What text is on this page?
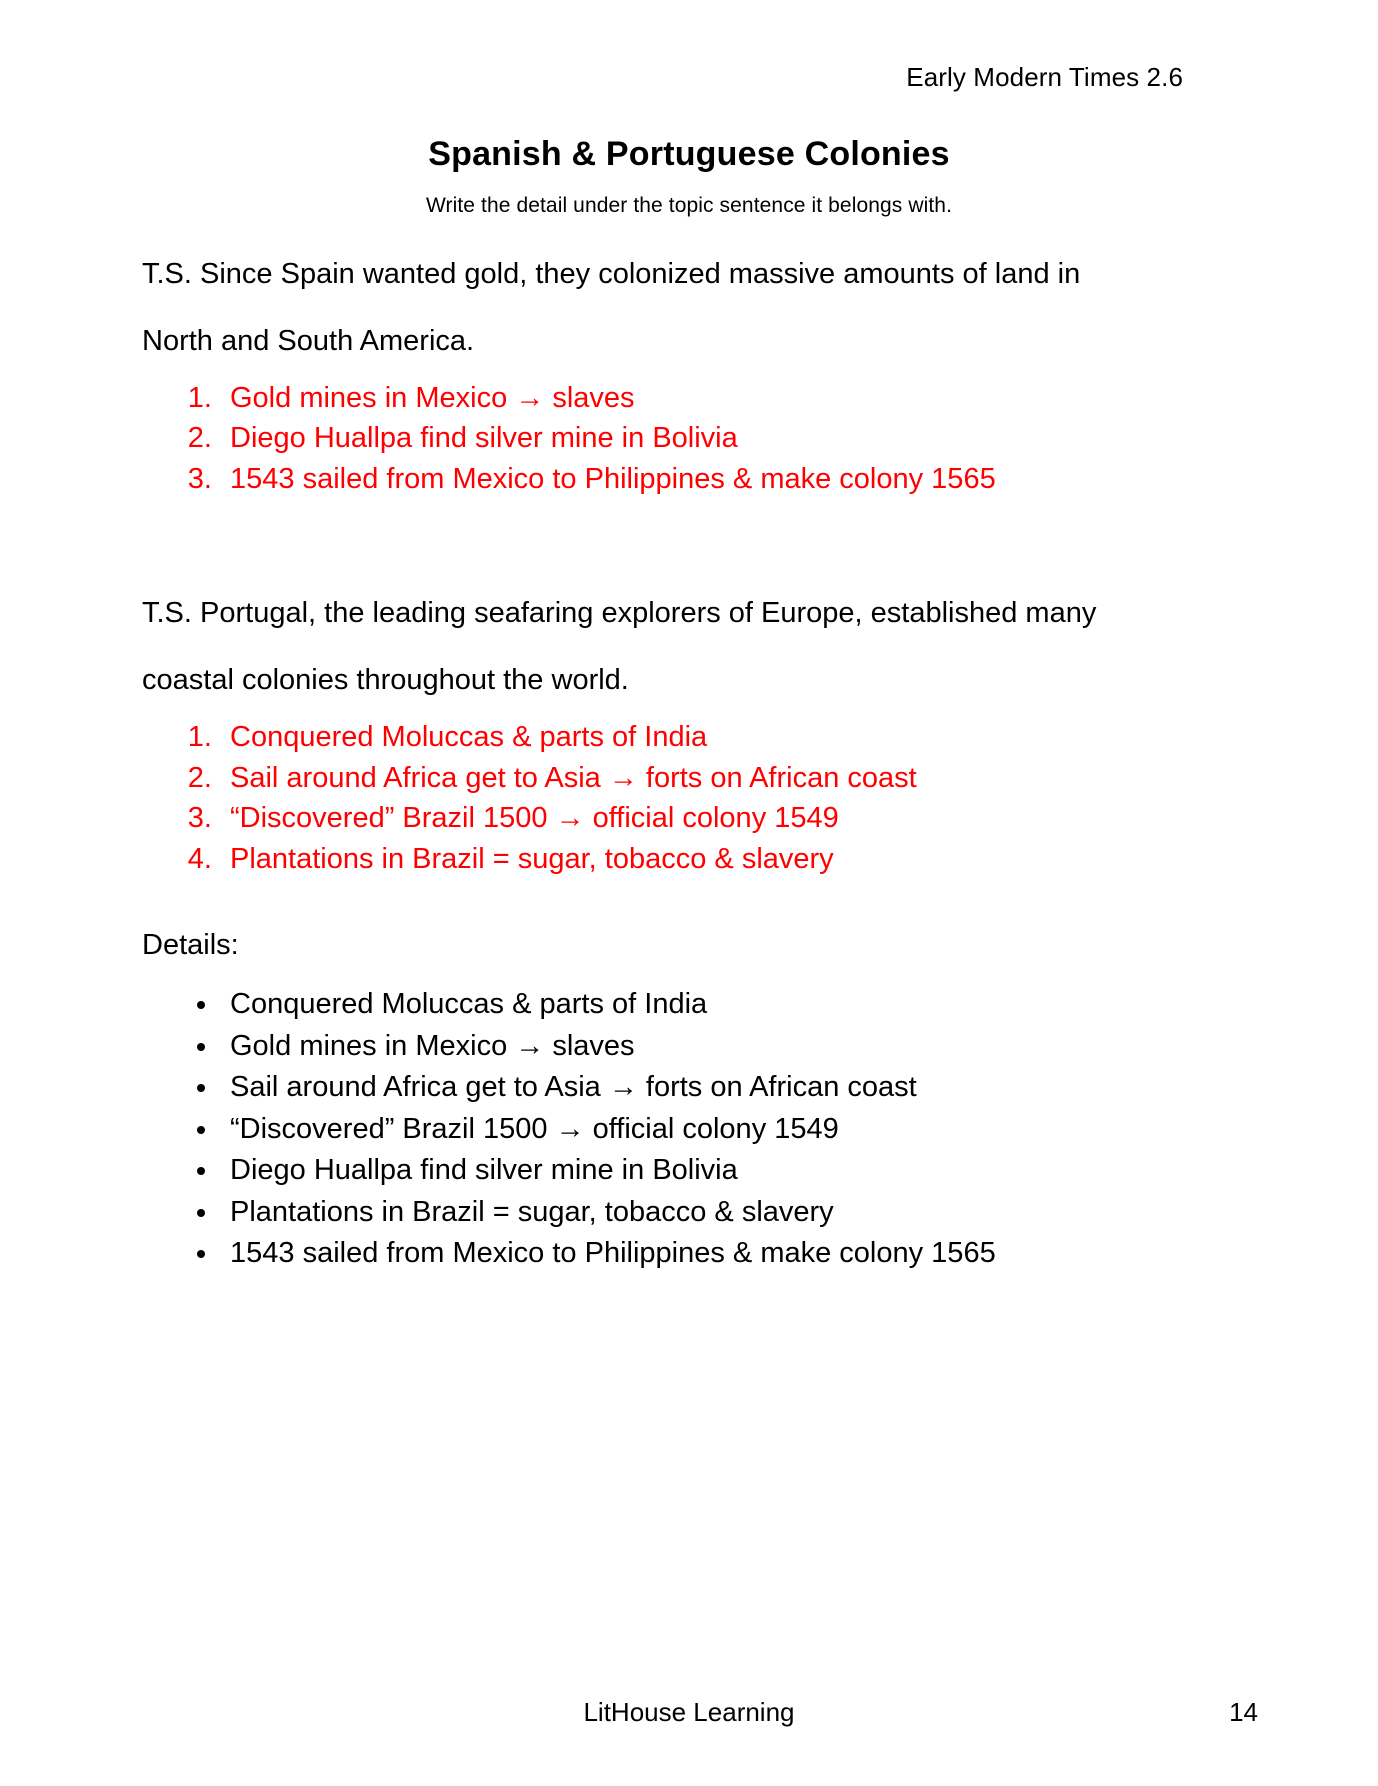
Early Modern Times 2.6
Spanish & Portuguese Colonies
Write the detail under the topic sentence it belongs with.
T.S. Since Spain wanted gold, they colonized massive amounts of land in
North and South America.
1. Gold mines in Mexico → slaves
2. Diego Huallpa find silver mine in Bolivia
3. 1543 sailed from Mexico to Philippines & make colony 1565
T.S. Portugal, the leading seafaring explorers of Europe, established many
coastal colonies throughout the world.
1. Conquered Moluccas & parts of India
2. Sail around Africa get to Asia → forts on African coast
3. “Discovered” Brazil 1500 → official colony 1549
4. Plantations in Brazil = sugar, tobacco & slavery
Details:
• Conquered Moluccas & parts of India
• Gold mines in Mexico → slaves
• Sail around Africa get to Asia → forts on African coast
• “Discovered” Brazil 1500 → official colony 1549
• Diego Huallpa find silver mine in Bolivia
• Plantations in Brazil = sugar, tobacco & slavery
• 1543 sailed from Mexico to Philippines & make colony 1565
LitHouse Learning	14
